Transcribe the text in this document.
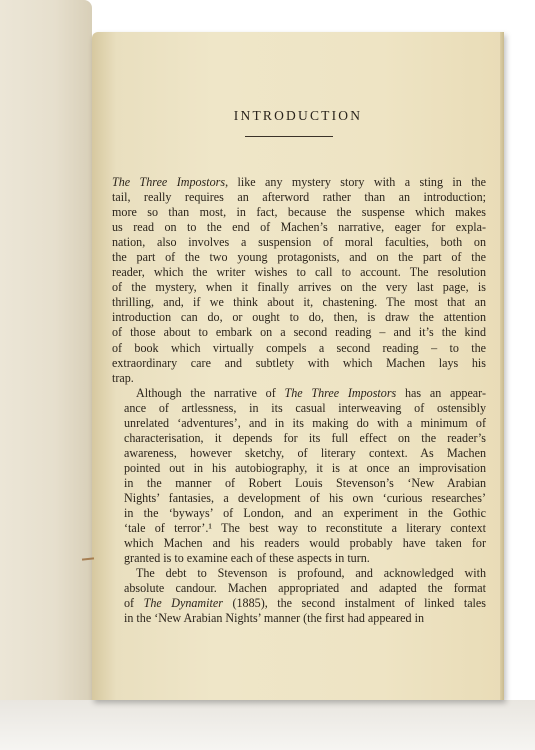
INTRODUCTION
The Three Impostors, like any mystery story with a sting in the
tail, really requires an afterword rather than an introduction;
more so than most, in fact, because the suspense which makes
us read on to the end of Machen’s narrative, eager for expla-
nation, also involves a suspension of moral faculties, both on
the part of the two young protagonists, and on the part of the
reader, which the writer wishes to call to account. The resolution
of the mystery, when it finally arrives on the very last page, is
thrilling, and, if we think about it, chastening. The most that an
introduction can do, or ought to do, then, is draw the attention
of those about to embark on a second reading – and it’s the kind
of book which virtually compels a second reading – to the
extraordinary care and subtlety with which Machen lays his
trap.
Although the narrative of The Three Impostors has an appear-
ance of artlessness, in its casual interweaving of ostensibly
unrelated ‘adventures’, and in its making do with a minimum of
characterisation, it depends for its full effect on the reader’s
awareness, however sketchy, of literary context. As Machen
pointed out in his autobiography, it is at once an improvisation
in the manner of Robert Louis Stevenson’s ‘New Arabian
Nights’ fantasies, a development of his own ‘curious researches’
in the ‘byways’ of London, and an experiment in the Gothic
‘tale of terror’.¹ The best way to reconstitute a literary context
which Machen and his readers would probably have taken for
granted is to examine each of these aspects in turn.
The debt to Stevenson is profound, and acknowledged with
absolute candour. Machen appropriated and adapted the format
of The Dynamiter (1885), the second instalment of linked tales
in the ‘New Arabian Nights’ manner (the first had appeared in
